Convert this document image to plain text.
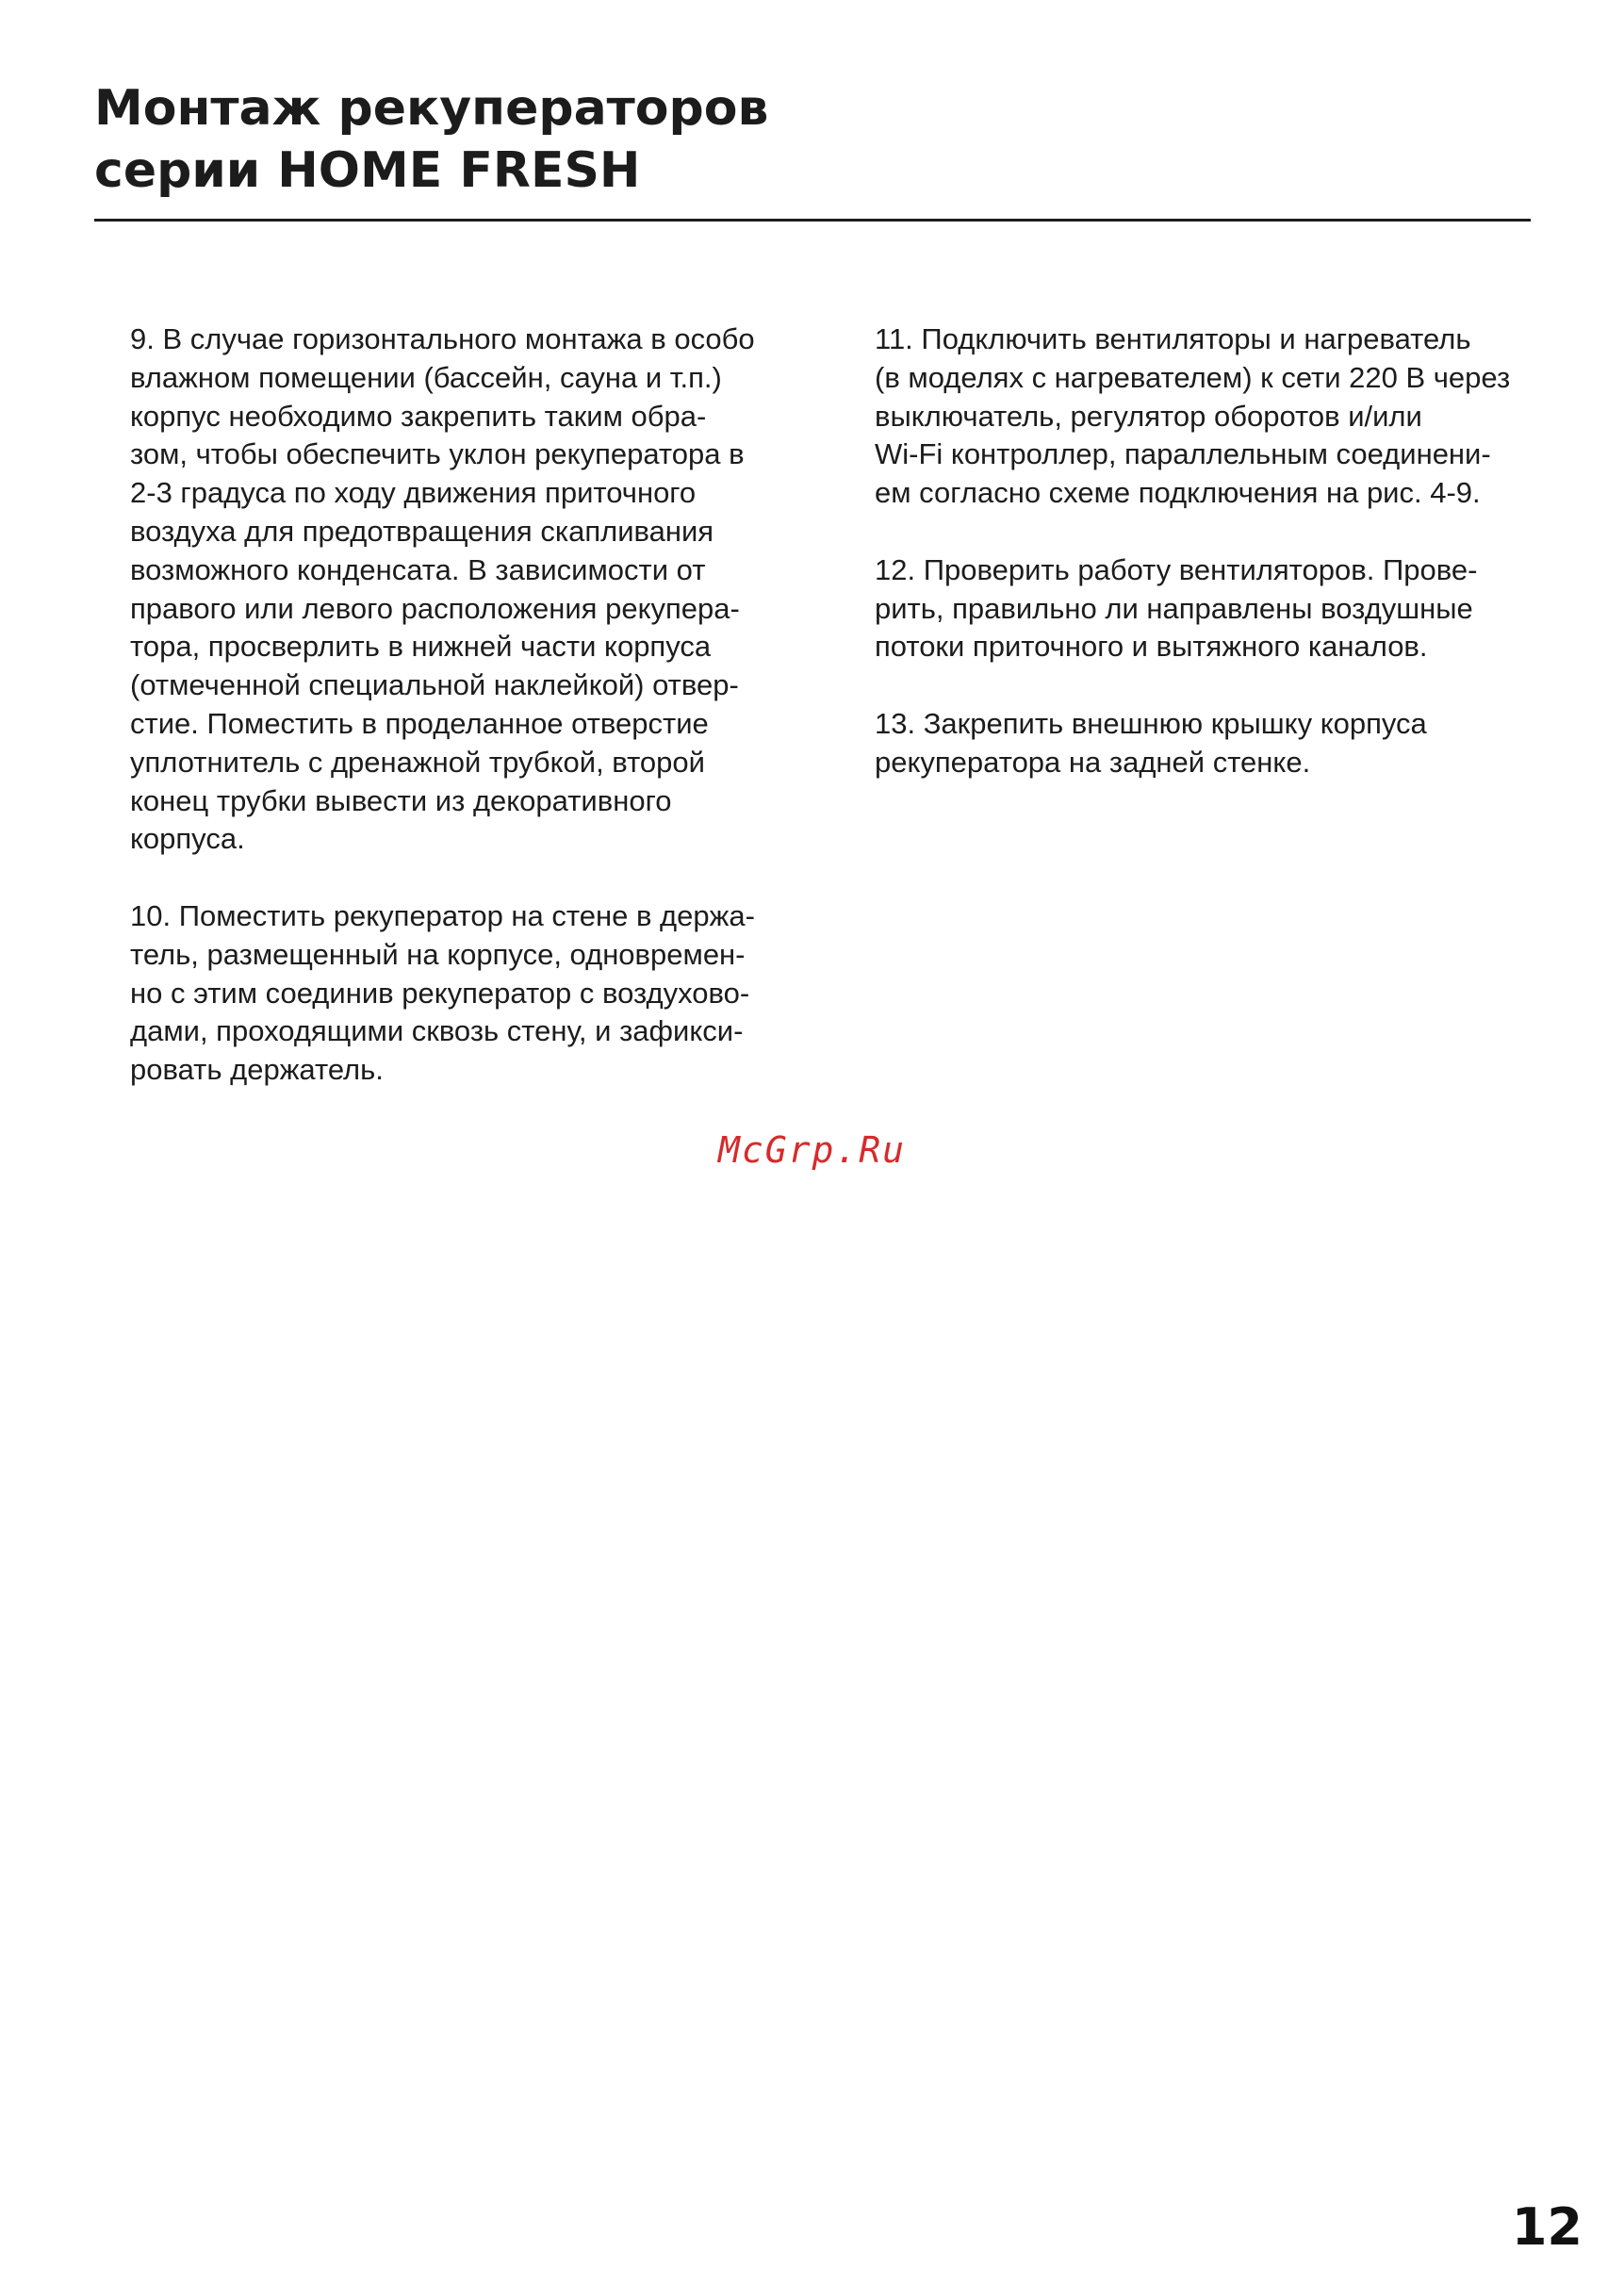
Монтаж рекуператоров
серии HOME FRESH

9. В случае горизонтального монтажа в особо
влажном помещении (бассейн, сауна и т.п.)
корпус необходимо закрепить таким обра-
зом, чтобы обеспечить уклон рекуператора в
2-3 градуса по ходу движения приточного
воздуха для предотвращения скапливания
возможного конденсата. В зависимости от
правого или левого расположения рекупера-
тора, просверлить в нижней части корпуса
(отмеченной специальной наклейкой) отвер-
стие. Поместить в проделанное отверстие
уплотнитель с дренажной трубкой, второй
конец трубки вывести из декоративного
корпуса.

10. Поместить рекуператор на стене в держа-
тель, размещенный на корпусе, одновремен-
но с этим соединив рекуператор с воздухово-
дами, проходящими сквозь стену, и зафикси-
ровать держатель.

11. Подключить вентиляторы и нагреватель
(в моделях с нагревателем) к сети 220 В через
выключатель, регулятор оборотов и/или
Wi-Fi контроллер, параллельным соединени-
ем согласно схеме подключения на рис. 4-9.

12. Проверить работу вентиляторов. Прове-
рить, правильно ли направлены воздушные
потоки приточного и вытяжного каналов.

13. Закрепить внешнюю крышку корпуса
рекуператора на задней стенке.

McGrp.Ru
12
